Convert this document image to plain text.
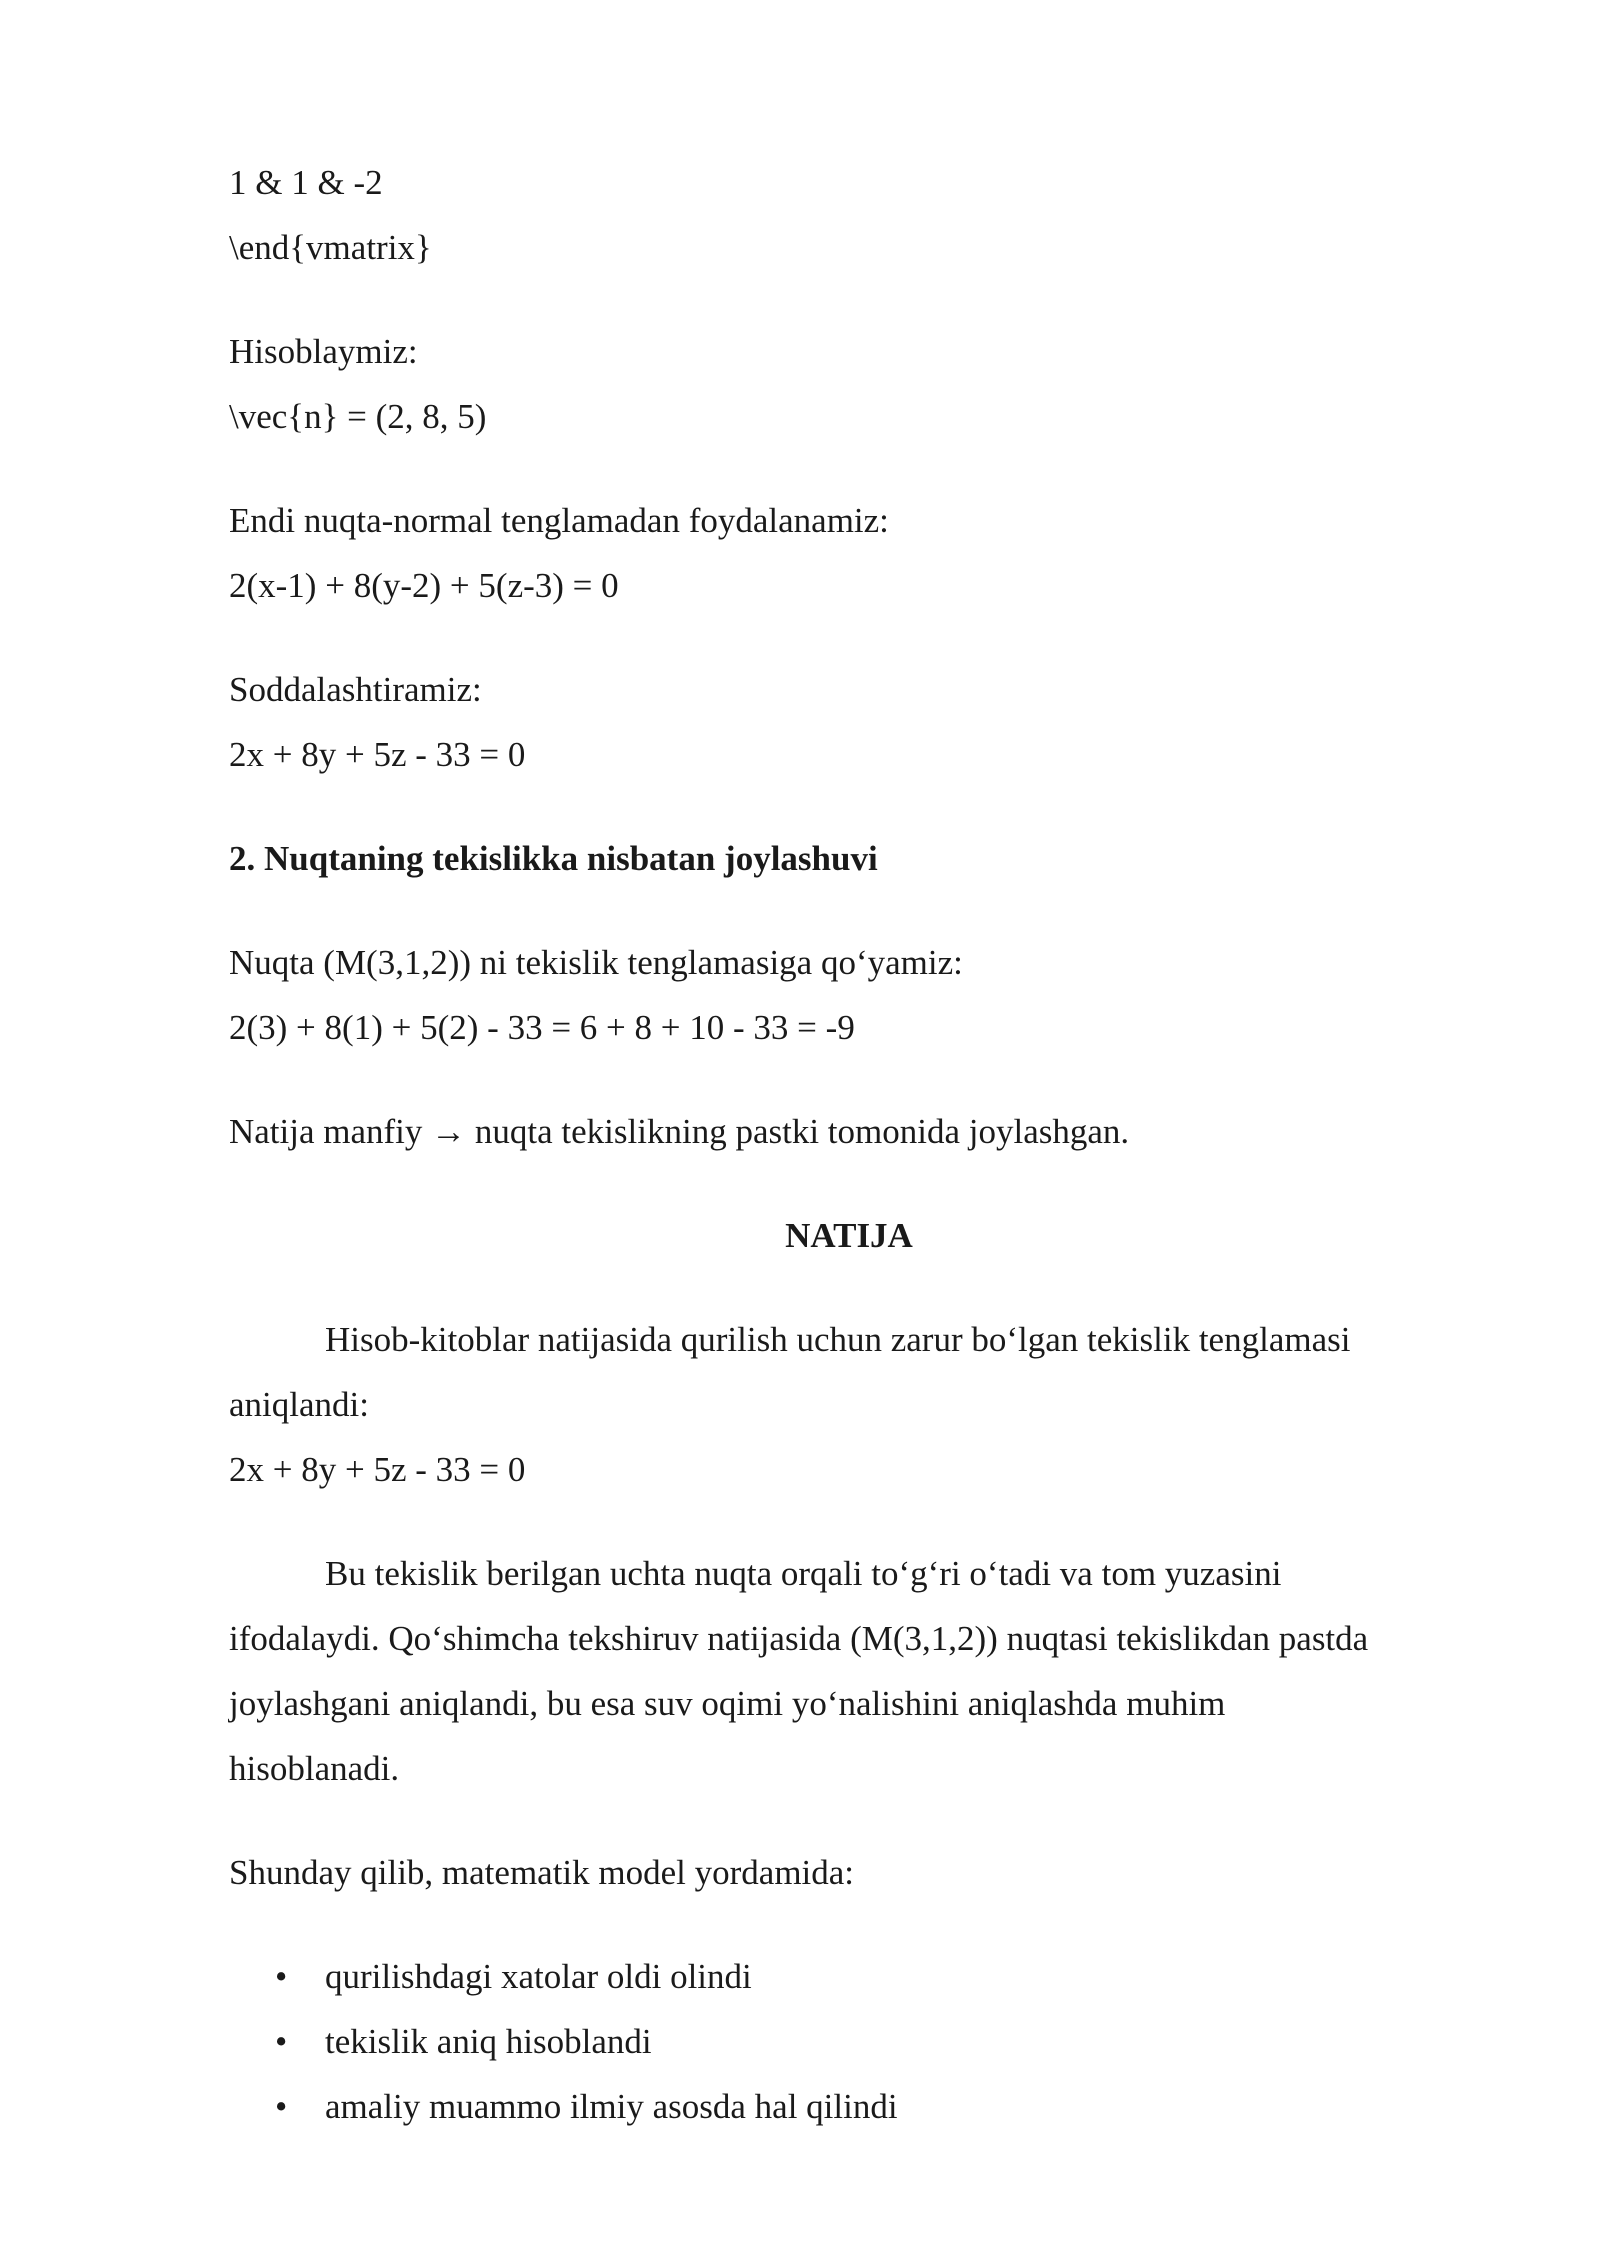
1 & 1 & -2
\end{vmatrix}
Hisoblaymiz:
\vec{n} = (2, 8, 5)
Endi nuqta-normal tenglamadan foydalanamiz:
2(x-1) + 8(y-2) + 5(z-3) = 0
Soddalashtiramiz:
2x + 8y + 5z - 33 = 0
2. Nuqtaning tekislikka nisbatan joylashuvi
Nuqta (M(3,1,2)) ni tekislik tenglamasiga qo‘yamiz:
2(3) + 8(1) + 5(2) - 33 = 6 + 8 + 10 - 33 = -9
Natija manfiy → nuqta tekislikning pastki tomonida joylashgan.
NATIJA
Hisob-kitoblar natijasida qurilish uchun zarur bo‘lgan tekislik tenglamasi
aniqlandi:
2x + 8y + 5z - 33 = 0
Bu tekislik berilgan uchta nuqta orqali to‘g‘ri o‘tadi va tom yuzasini
ifodalaydi. Qo‘shimcha tekshiruv natijasida (M(3,1,2)) nuqtasi tekislikdan pastda
joylashgani aniqlandi, bu esa suv oqimi yo‘nalishini aniqlashda muhim
hisoblanadi.
Shunday qilib, matematik model yordamida:
• qurilishdagi xatolar oldi olindi
• tekislik aniq hisoblandi
• amaliy muammo ilmiy asosda hal qilindi
